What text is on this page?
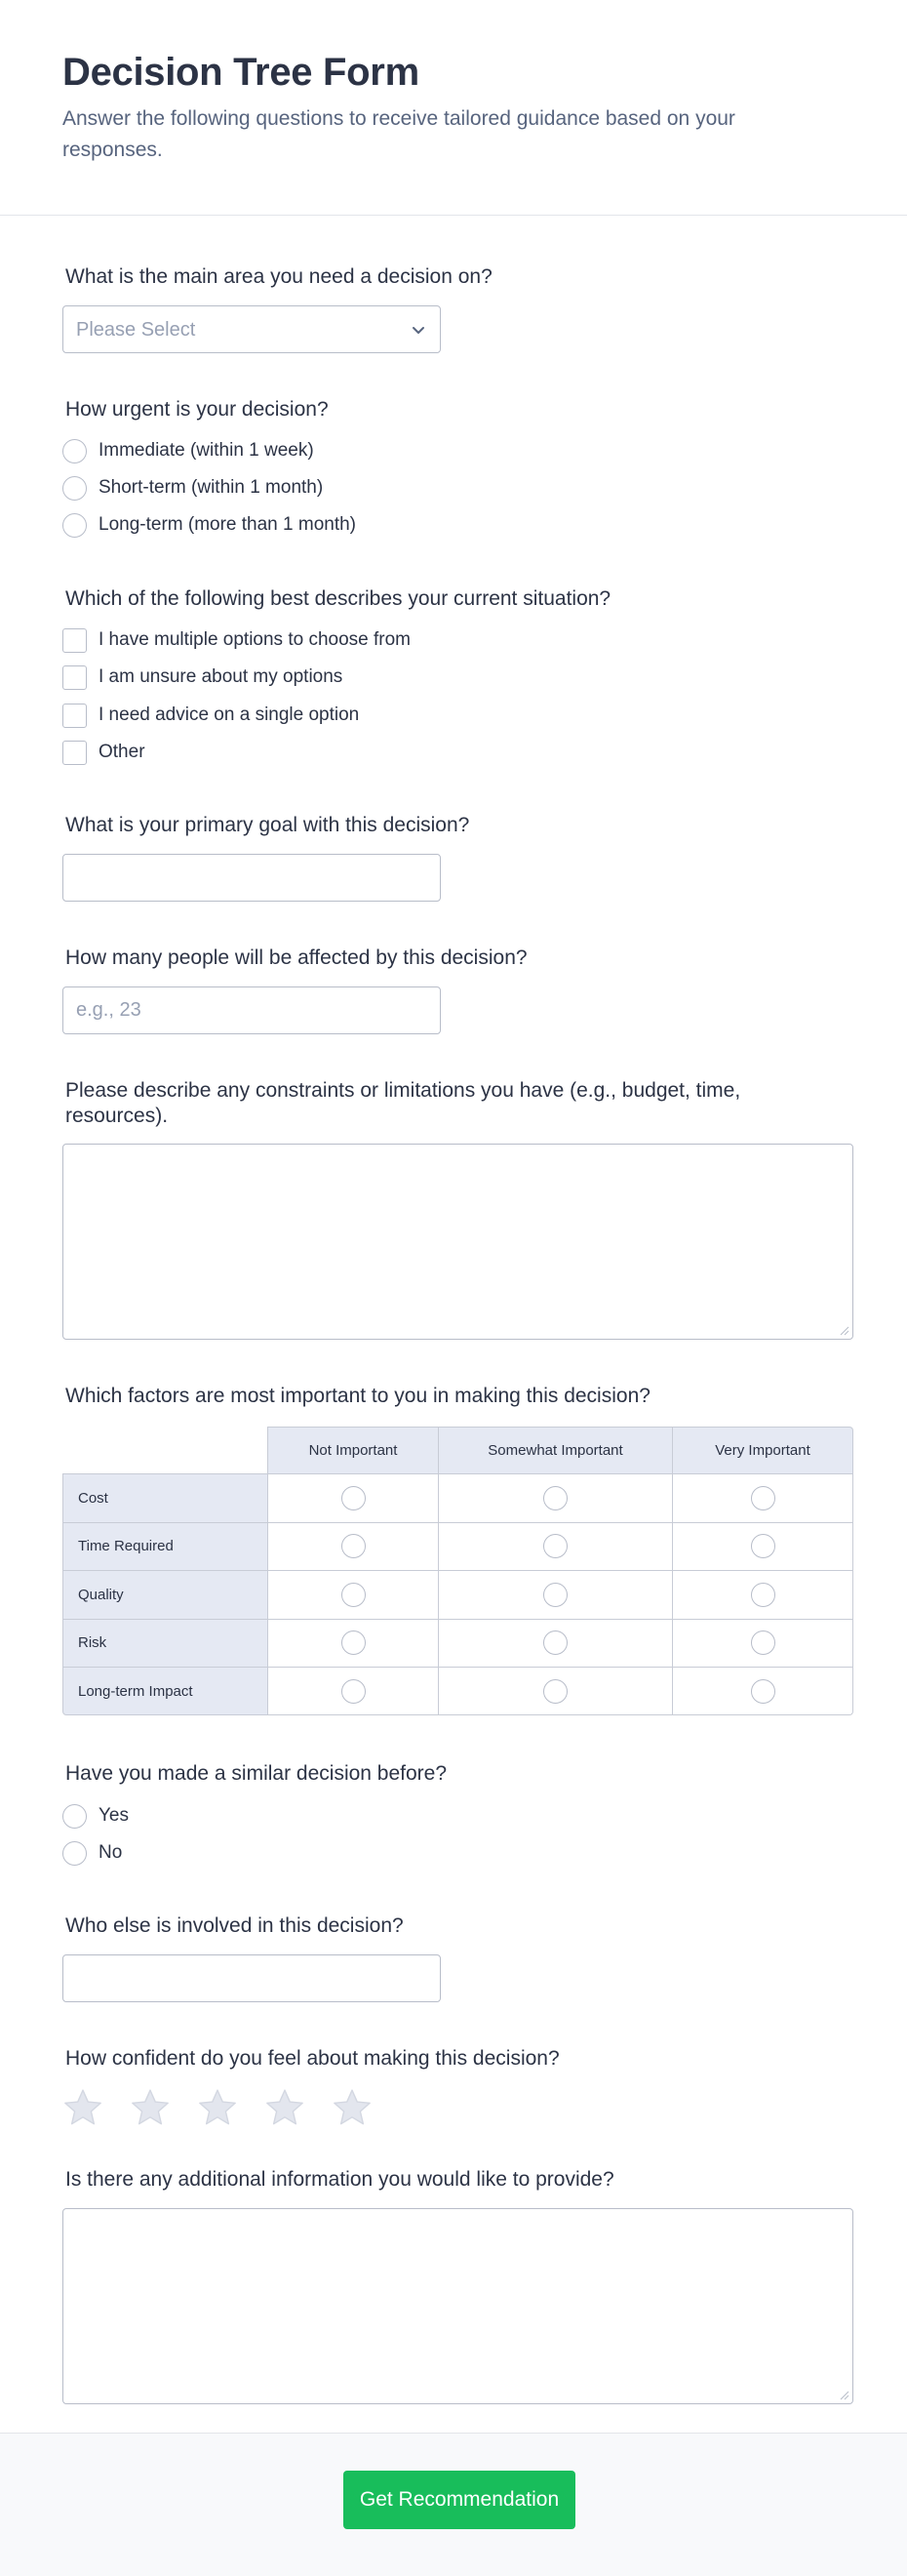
Decision Tree Form

Answer the following questions to receive tailored guidance based on your responses.

What is the main area you need a decision on?
Please Select
How urgent is your decision?
Immediate (within 1 week)
Short-term (within 1 month)
Long-term (more than 1 month)
Which of the following best describes your current situation?
I have multiple options to choose from
I am unsure about my options
I need advice on a single option
Other
What is your primary goal with this decision?
How many people will be affected by this decision?
e.g., 23
Please describe any constraints or limitations you have (e.g., budget, time, resources).
Which factors are most important to you in making this decision?
	Not Important	Somewhat Important	Very Important
Cost			
Time Required			
Quality			
Risk			
Long-term Impact			
Have you made a similar decision before?
Yes
No
Who else is involved in this decision?
How confident do you feel about making this decision?
Is there any additional information you would like to provide?
Get Recommendation
